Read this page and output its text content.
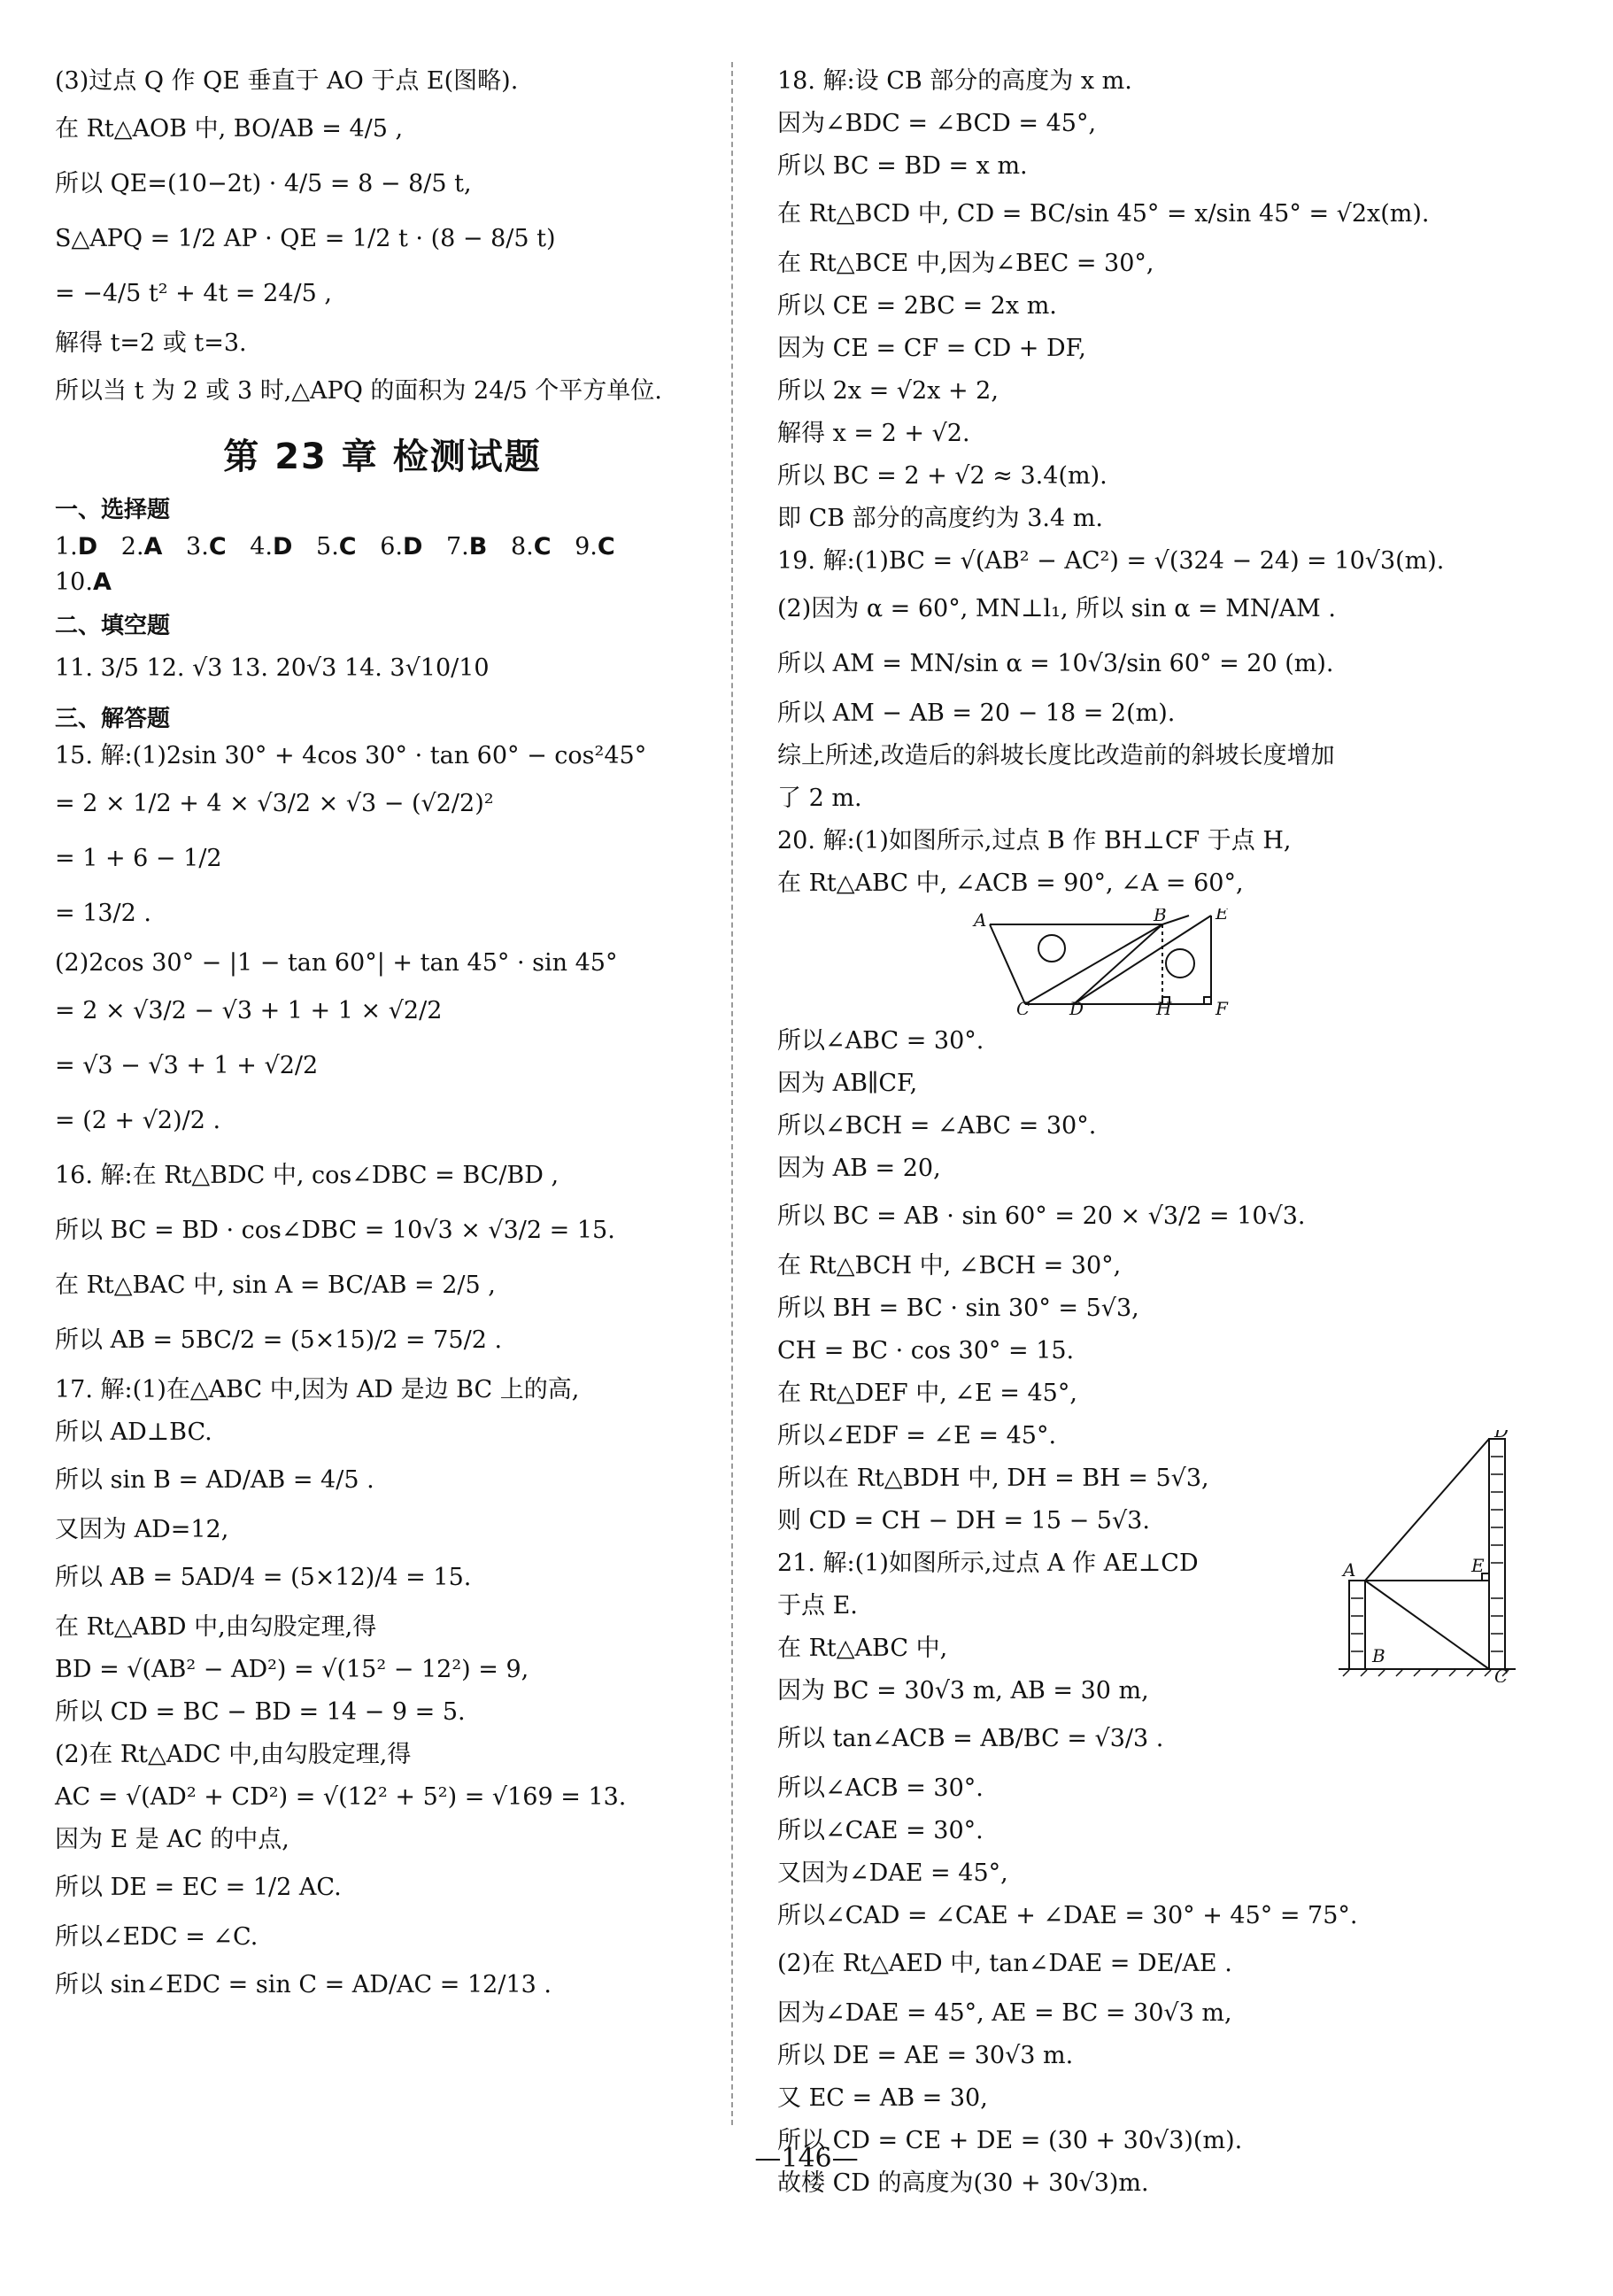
(3)过点 Q 作 QE 垂直于 AO 于点 E(图略).
在 Rt△AOB 中, BO/AB = 4/5 ,
所以 QE=(10−2t) · 4/5 = 8 − 8/5 t,
S△APQ = 1/2 AP · QE = 1/2 t · (8 − 8/5 t)
= −4/5 t² + 4t = 24/5 ,
解得 t=2 或 t=3.
所以当 t 为 2 或 3 时,△APQ 的面积为 24/5 个平方单位.
第 23 章 检测试题
一、选择题
1.D 2.A 3.C 4.D 5.C 6.D 7.B 8.C 9.C
10.A
二、填空题
11. 3/5 12. √3 13. 20√3 14. 3√10/10
三、解答题
15. 解:(1)2sin 30° + 4cos 30° · tan 60° − cos²45°
= 2 × 1/2 + 4 × √3/2 × √3 − (√2/2)²
= 1 + 6 − 1/2
= 13/2 .
(2)2cos 30° − |1 − tan 60°| + tan 45° · sin 45°
= 2 × √3/2 − √3 + 1 + 1 × √2/2
= √3 − √3 + 1 + √2/2
= (2 + √2)/2 .
16. 解:在 Rt△BDC 中, cos∠DBC = BC/BD ,
所以 BC = BD · cos∠DBC = 10√3 × √3/2 = 15.
在 Rt△BAC 中, sin A = BC/AB = 2/5 ,
所以 AB = 5BC/2 = (5×15)/2 = 75/2 .
17. 解:(1)在△ABC 中,因为 AD 是边 BC 上的高,
所以 AD⊥BC.
所以 sin B = AD/AB = 4/5 .
又因为 AD=12,
所以 AB = 5AD/4 = (5×12)/4 = 15.
在 Rt△ABD 中,由勾股定理,得
BD = √(AB² − AD²) = √(15² − 12²) = 9,
所以 CD = BC − BD = 14 − 9 = 5.
(2)在 Rt△ADC 中,由勾股定理,得
AC = √(AD² + CD²) = √(12² + 5²) = √169 = 13.
因为 E 是 AC 的中点,
所以 DE = EC = 1/2 AC.
所以∠EDC = ∠C.
所以 sin∠EDC = sin C = AD/AC = 12/13 .
18. 解:设 CB 部分的高度为 x m.
因为∠BDC = ∠BCD = 45°,
所以 BC = BD = x m.
在 Rt△BCD 中, CD = BC/sin 45° = x/sin 45° = √2x(m).
在 Rt△BCE 中,因为∠BEC = 30°,
所以 CE = 2BC = 2x m.
因为 CE = CF = CD + DF,
所以 2x = √2x + 2,
解得 x = 2 + √2.
所以 BC = 2 + √2 ≈ 3.4(m).
即 CB 部分的高度约为 3.4 m.
19. 解:(1)BC = √(AB² − AC²) = √(324 − 24) = 10√3(m).
(2)因为 α = 60°, MN⊥l₁, 所以 sin α = MN/AM .
所以 AM = MN/sin α = 10√3/sin 60° = 20 (m).
所以 AM − AB = 20 − 18 = 2(m).
综上所述,改造后的斜坡长度比改造前的斜坡长度增加
了 2 m.
20. 解:(1)如图所示,过点 B 作 BH⊥CF 于点 H,
在 Rt△ABC 中, ∠ACB = 90°, ∠A = 60°,
A	B	E
C D	H F
所以∠ABC = 30°.
因为 AB∥CF,
所以∠BCH = ∠ABC = 30°.
因为 AB = 20,
所以 BC = AB · sin 60° = 20 × √3/2 = 10√3.
在 Rt△BCH 中, ∠BCH = 30°,
所以 BH = BC · sin 30° = 5√3,
CH = BC · cos 30° = 15.
在 Rt△DEF 中, ∠E = 45°,
所以∠EDF = ∠E = 45°.
所以在 Rt△BDH 中, DH = BH = 5√3,
则 CD = CH − DH = 15 − 5√3.
21. 解:(1)如图所示,过点 A 作 AE⊥CD
于点 E.
在 Rt△ABC 中,
因为 BC = 30√3 m, AB = 30 m,
所以 tan∠ACB = AB/BC = √3/3 .
所以∠ACB = 30°.
所以∠CAE = 30°.
又因为∠DAE = 45°,
所以∠CAD = ∠CAE + ∠DAE = 30° + 45° = 75°.
(2)在 Rt△AED 中, tan∠DAE = DE/AE .
因为∠DAE = 45°, AE = BC = 30√3 m,
所以 DE = AE = 30√3 m.
又 EC = AB = 30,
所以 CD = CE + DE = (30 + 30√3)(m).
故楼 CD 的高度为(30 + 30√3)m.
D
A	E
B
C
—146—
